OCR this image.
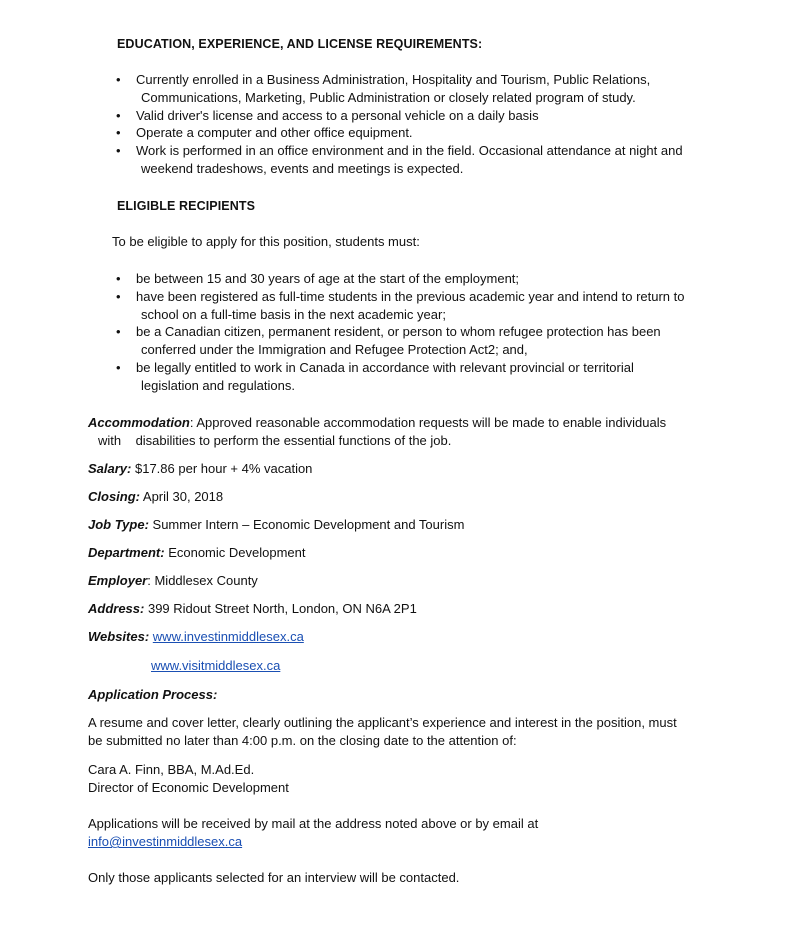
EDUCATION, EXPERIENCE, AND LICENSE REQUIREMENTS:
• Currently enrolled in a Business Administration, Hospitality and Tourism, Public Relations,
Communications, Marketing, Public Administration or closely related program of study.
• Valid driver's license and access to a personal vehicle on a daily basis
• Operate a computer and other office equipment.
• Work is performed in an office environment and in the field. Occasional attendance at night and
weekend tradeshows, events and meetings is expected.
ELIGIBLE RECIPIENTS
To be eligible to apply for this position, students must:
• be between 15 and 30 years of age at the start of the employment;
• have been registered as full-time students in the previous academic year and intend to return to
school on a full-time basis in the next academic year;
• be a Canadian citizen, permanent resident, or person to whom refugee protection has been
conferred under the Immigration and Refugee Protection Act2; and,
• be legally entitled to work in Canada in accordance with relevant provincial or territorial
legislation and regulations.
Accommodation: Approved reasonable accommodation requests will be made to enable individuals
with    disabilities to perform the essential functions of the job.
Salary: $17.86 per hour + 4% vacation
Closing: April 30, 2018
Job Type: Summer Intern – Economic Development and Tourism
Department: Economic Development
Employer: Middlesex County
Address: 399 Ridout Street North, London, ON N6A 2P1
Websites: www.investinmiddlesex.ca
www.visitmiddlesex.ca
Application Process:
A resume and cover letter, clearly outlining the applicant’s experience and interest in the position, must
be submitted no later than 4:00 p.m. on the closing date to the attention of:
Cara A. Finn, BBA, M.Ad.Ed.
Director of Economic Development
Applications will be received by mail at the address noted above or by email at
info@investinmiddlesex.ca
Only those applicants selected for an interview will be contacted.
